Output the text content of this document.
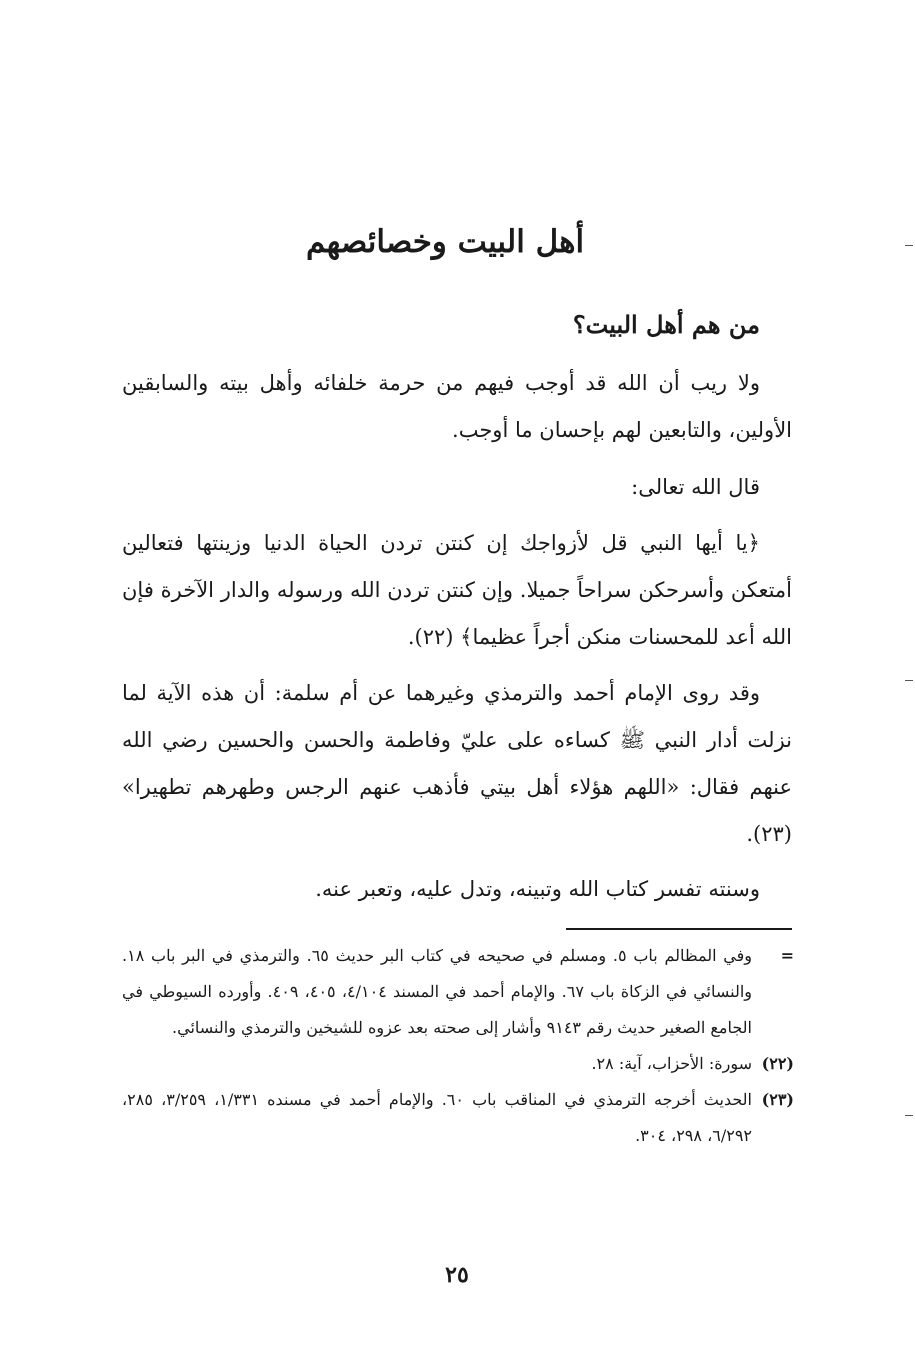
أهل البيت وخصائصهم
من هم أهل البيت؟

ولا ريب أن الله قد أوجب فيهم من حرمة خلفائه وأهل بيته والسابقين الأولين، والتابعين لهم بإحسان ما أوجب.

قال الله تعالى:

﴿يا أيها النبي قل لأزواجك إن كنتن تردن الحياة الدنيا وزينتها فتعالين أمتعكن وأسرحكن سراحاً جميلا. وإن كنتن تردن الله ورسوله والدار الآخرة فإن الله أعد للمحسنات منكن أجراً عظيما﴾ (٢٢).

وقد روى الإمام أحمد والترمذي وغيرهما عن أم سلمة: أن هذه الآية لما نزلت أدار النبي ﷺ كساءه على عليّ وفاطمة والحسن والحسين رضي الله عنهم فقال: «اللهم هؤلاء أهل بيتي فأذهب عنهم الرجس وطهرهم تطهيرا» (٢٣).

وسنته تفسر كتاب الله وتبينه، وتدل عليه، وتعبر عنه.

=
وفي المظالم باب ٥. ومسلم في صحيحه في كتاب البر حديث ٦٥. والترمذي في البر باب ١٨. والنسائي في الزكاة باب ٦٧. والإمام أحمد في المسند ٤/١٠٤، ٤٠٥، ٤٠٩. وأورده السيوطي في الجامع الصغير حديث رقم ٩١٤٣ وأشار إلى صحته بعد عزوه للشيخين والترمذي والنسائي.
(٢٢)
سورة: الأحزاب، آية: ٢٨.
(٢٣)
الحديث أخرجه الترمذي في المناقب باب ٦٠. والإمام أحمد في مسنده ١/٣٣١، ٣/٢٥٩، ٢٨٥، ٦/٢٩٢، ٢٩٨، ٣٠٤.
٢٥
